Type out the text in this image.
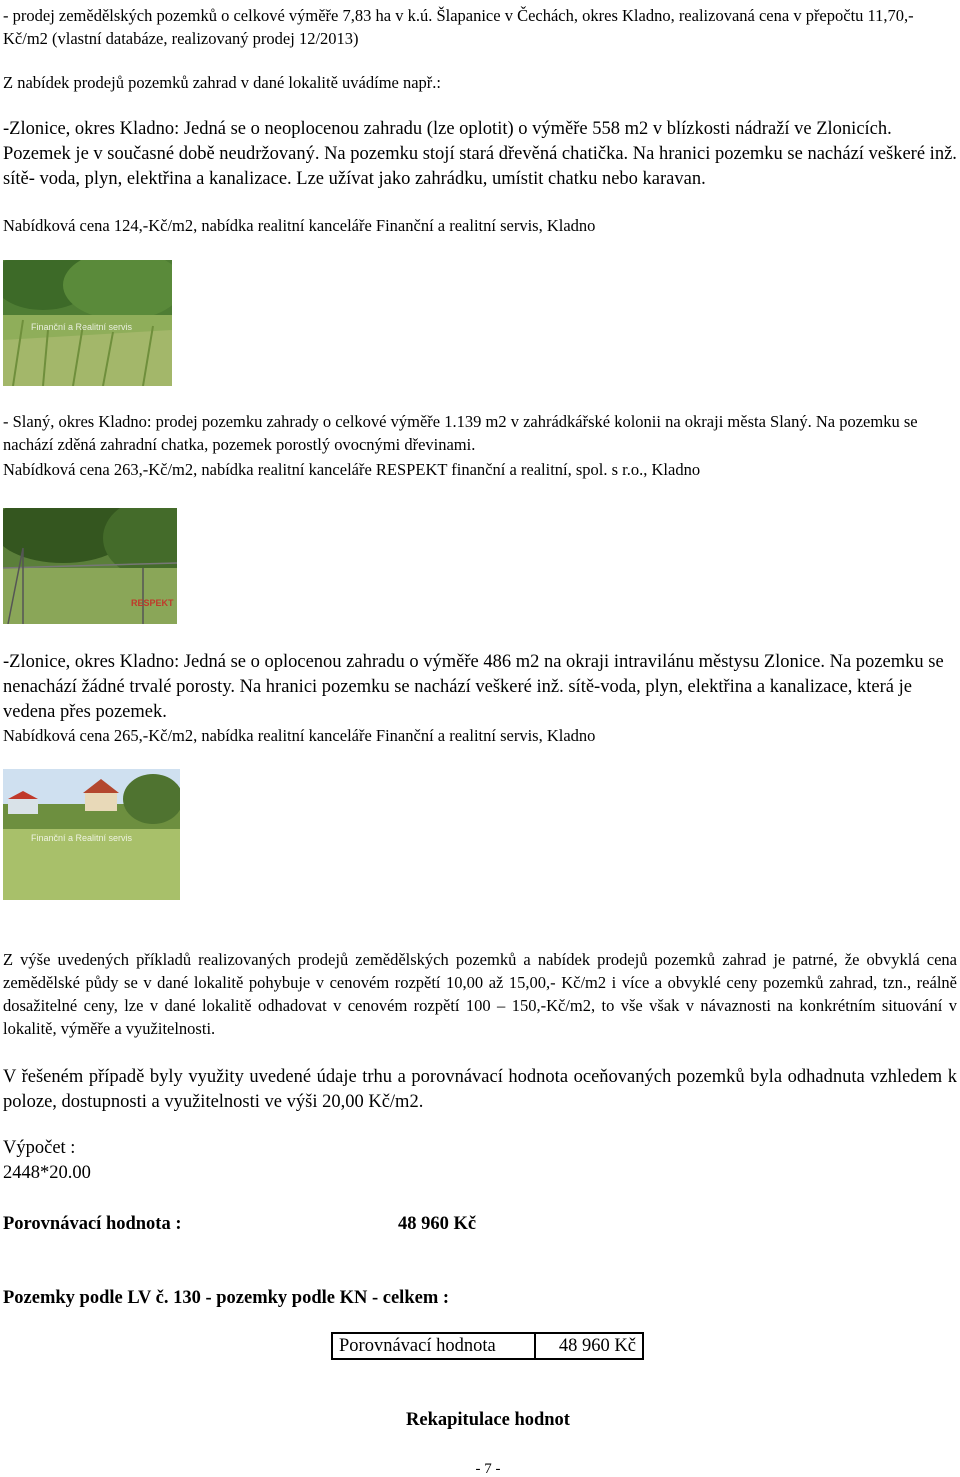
- prodej zemědělských pozemků o celkové výměře 7,83 ha v k.ú. Šlapanice v Čechách, okres Kladno, realizovaná cena v přepočtu 11,70,-Kč/m2 (vlastní databáze, realizovaný prodej 12/2013)

Z nabídek prodejů pozemků zahrad v dané lokalitě uvádíme např.:

-Zlonice, okres Kladno: Jedná se o neoplocenou zahradu (lze oplotit) o výměře 558 m2 v blízkosti nádraží ve Zlonicích. Pozemek je v současné době neudržovaný. Na pozemku stojí stará dřevěná chatička. Na hranici pozemku se nachází veškeré inž. sítě- voda, plyn, elektřina a kanalizace. Lze užívat jako zahrádku, umístit chatku nebo karavan.

Nabídková cena 124,-Kč/m2, nabídka realitní kanceláře Finanční a realitní servis, Kladno

Finanční a Realitní servis

- Slaný, okres Kladno: prodej pozemku zahrady o celkové výměře 1.139 m2 v zahrádkářské kolonii na okraji města Slaný. Na pozemku se nachází zděná zahradní chatka, pozemek porostlý ovocnými dřevinami.

Nabídková cena 263,-Kč/m2, nabídka realitní kanceláře RESPEKT finanční a realitní, spol. s r.o., Kladno

RESPEKT

-Zlonice, okres Kladno: Jedná se o oplocenou zahradu o výměře 486 m2 na okraji intravilánu městysu Zlonice. Na pozemku se nenachází žádné trvalé porosty. Na hranici pozemku se nachází veškeré inž. sítě-voda, plyn, elektřina a kanalizace, která je vedena přes pozemek.

Nabídková cena 265,-Kč/m2, nabídka realitní kanceláře Finanční a realitní servis, Kladno

Finanční a Realitní servis

Z výše uvedených příkladů realizovaných prodejů zemědělských pozemků a nabídek prodejů pozemků zahrad je patrné, že obvyklá cena zemědělské půdy se v dané lokalitě pohybuje v cenovém rozpětí 10,00 až 15,00,- Kč/m2 i více a obvyklé ceny pozemků zahrad, tzn., reálně dosažitelné ceny, lze v dané lokalitě odhadovat v cenovém rozpětí 100 – 150,-Kč/m2, to vše však v návaznosti na konkrétním situování v lokalitě, výměře a využitelnosti.

V řešeném případě byly využity uvedené údaje trhu a porovnávací hodnota oceňovaných pozemků byla odhadnuta vzhledem k poloze, dostupnosti a využitelnosti ve výši 20,00 Kč/m2.

Výpočet :

2448*20.00

Porovnávací hodnota :	48 960 Kč

Pozemky podle LV č. 130 - pozemky podle KN - celkem :

Porovnávací hodnota	48 960 Kč

Rekapitulace hodnot

- 7 -
